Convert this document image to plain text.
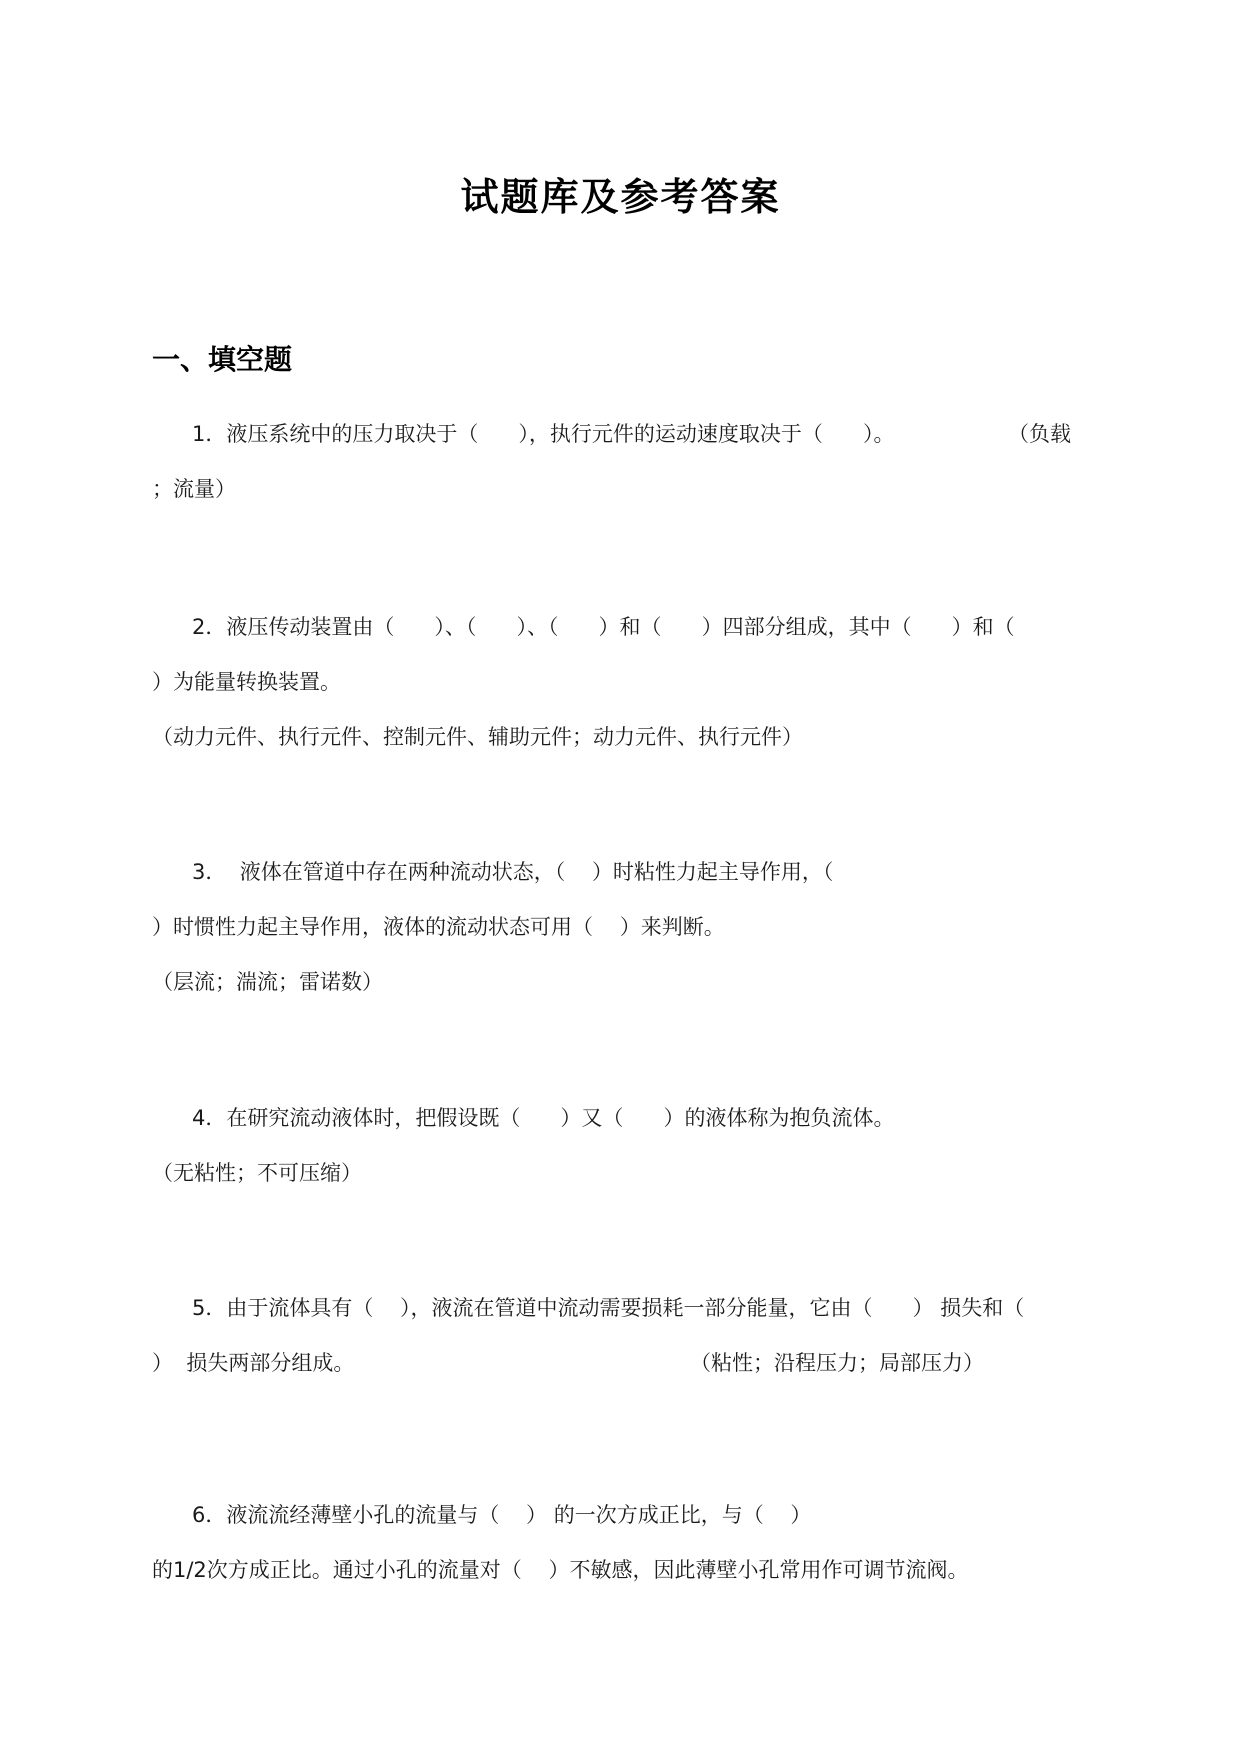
试题库及参考答案
一、填空题
1．液压系统中的压力取决于（      ），执行元件的运动速度取决于（      ）。	（负载
；流量）
2．液压传动装置由（      ）、（      ）、（      ）和（      ）四部分组成，其中（      ）和（
）为能量转换装置。
（动力元件、执行元件、控制元件、辅助元件；动力元件、执行元件）
3．  液体在管道中存在两种流动状态，（    ）时粘性力起主导作用，（
）时惯性力起主导作用，液体的流动状态可用（    ）来判断。
（层流；湍流；雷诺数）
4．在研究流动液体时，把假设既（      ）又（      ）的液体称为抱负流体。
（无粘性；不可压缩）
5．由于流体具有（    ），液流在管道中流动需要损耗一部分能量，它由（      ） 损失和（
）  损失两部分组成。	（粘性；沿程压力；局部压力）
6．液流流经薄壁小孔的流量与（    ） 的一次方成正比，与（    ）
的1/2次方成正比。通过小孔的流量对（    ）不敏感，因此薄壁小孔常用作可调节流阀。
